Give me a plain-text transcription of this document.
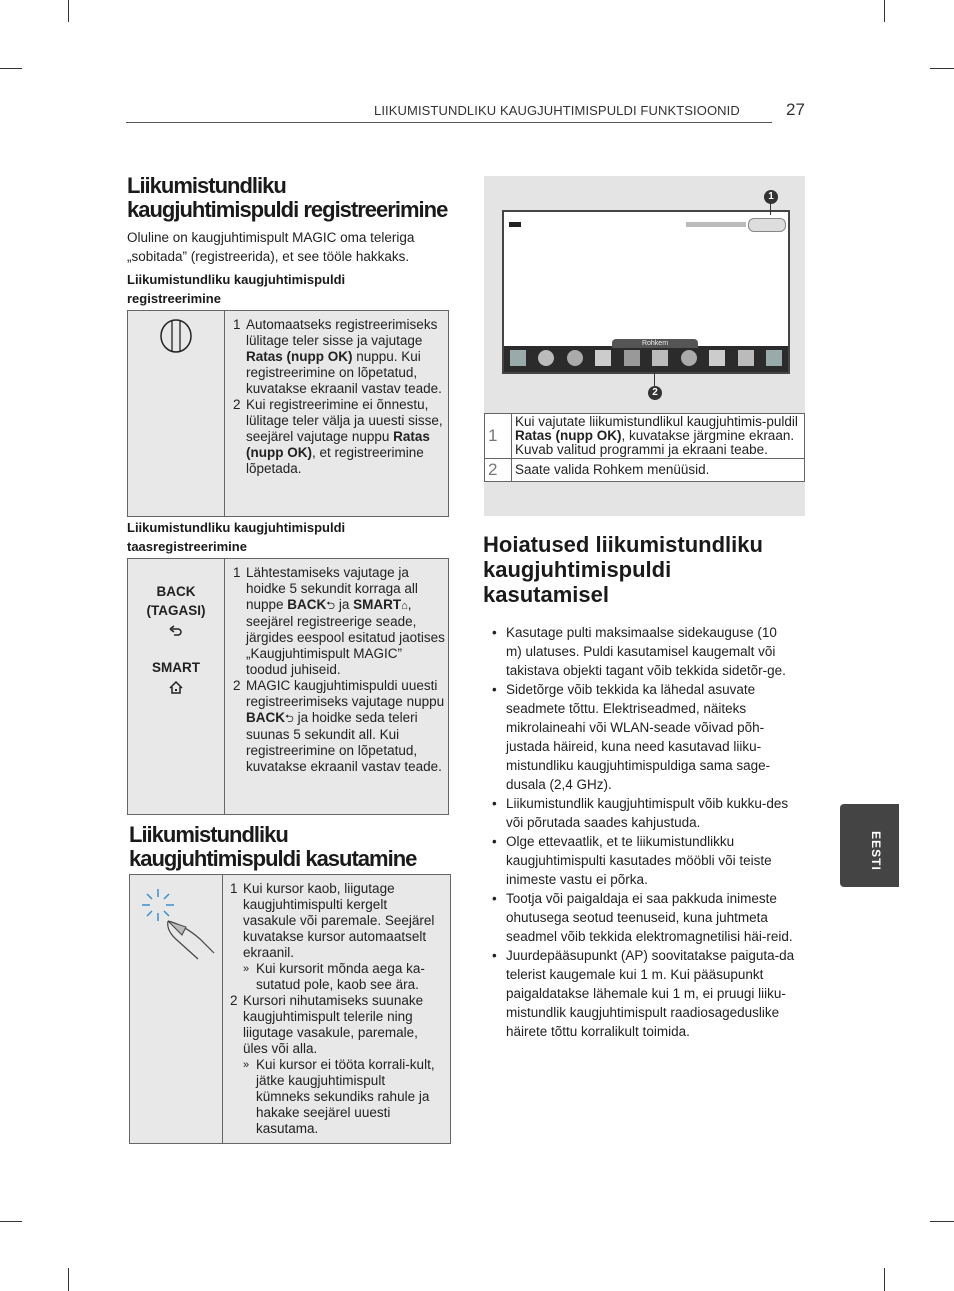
LIIKUMISTUNDLIKU KAUGJUHTIMISPULDI FUNKTSIOONID	27
Liikumistundliku
kaugjuhtimispuldi registreerimine
Oluline on kaugjuhtimispult MAGIC oma teleriga
„sobitada” (registreerida), et see tööle hakkaks.
Liikumistundliku kaugjuhtimispuldi
registreerimine
1 Automaatseks registreerimiseks lülitage teler sisse ja vajutage Ratas (nupp OK) nuppu. Kui registreerimine on lõpetatud, kuvatakse ekraanil vastav teade.
2 Kui registreerimine ei õnnestu, lülitage teler välja ja uuesti sisse, seejärel vajutage nuppu Ratas (nupp OK), et registreerimine lõpetada.
Liikumistundliku kaugjuhtimispuldi
taasregistreerimine
BACK
(TAGASI)
SMART
1 Lähtestamiseks vajutage ja hoidke 5 sekundit korraga all nuppe BACK⮌ ja SMART⌂, seejärel registreerige seade, järgides eespool esitatud jaotises „Kaugjuhtimispult MAGIC” toodud juhiseid.
2 MAGIC kaugjuhtimispuldi uuesti registreerimiseks vajutage nuppu BACK⮌ ja hoidke seda teleri suunas 5 sekundit all. Kui registreerimine on lõpetatud, kuvatakse ekraanil vastav teade.
Liikumistundliku
kaugjuhtimispuldi kasutamine
1 Kui kursor kaob, liigutage kaugjuhtimispulti kergelt vasakule või paremale. Seejärel kuvatakse kursor automaatselt ekraanil.
» Kui kursorit mõnda aega ka-sutatud pole, kaob see ära.
2 Kursori nihutamiseks suunake kaugjuhtimispult telerile ning liigutage vasakule, paremale, üles või alla.
» Kui kursor ei tööta korrali-kult, jätke kaugjuhtimispult kümneks sekundiks rahule ja hakake seejärel uuesti kasutama.
Rohkem
1
2
1	Kui vajutate liikumistundlikul kaugjuhtimis-puldil Ratas (nupp OK), kuvatakse järgmine ekraan.
Kuvab valitud programmi ja ekraani teabe.
2	Saate valida Rohkem menüüsid.
Hoiatused liikumistundliku
kaugjuhtimispuldi
kasutamisel
• Kasutage pulti maksimaalse sidekauguse (10 m) ulatuses. Puldi kasutamisel kaugemalt või takistava objekti tagant võib tekkida sidetõr-ge.
• Sidetõrge võib tekkida ka lähedal asuvate seadmete tõttu. Elektriseadmed, näiteks mikrolaineahi või WLAN-seade võivad põh-justada häireid, kuna need kasutavad liiku-mistundliku kaugjuhtimispuldiga sama sage-dusala (2,4 GHz).
• Liikumistundlik kaugjuhtimispult võib kukku-des või põrutada saades kahjustuda.
• Olge ettevaatlik, et te liikumistundlikku kaugjuhtimispulti kasutades mööbli või teiste inimeste vastu ei põrka.
• Tootja või paigaldaja ei saa pakkuda inimeste ohutusega seotud teenuseid, kuna juhtmeta seadmel võib tekkida elektromagnetilisi häi-reid.
• Juurdepääsupunkt (AP) soovitatakse paiguta-da telerist kaugemale kui 1 m. Kui pääsupunkt paigaldatakse lähemale kui 1 m, ei pruugi liiku-mistundlik kaugjuhtimispult raadiosageduslike häirete tõttu korralikult toimida.
EESTI
